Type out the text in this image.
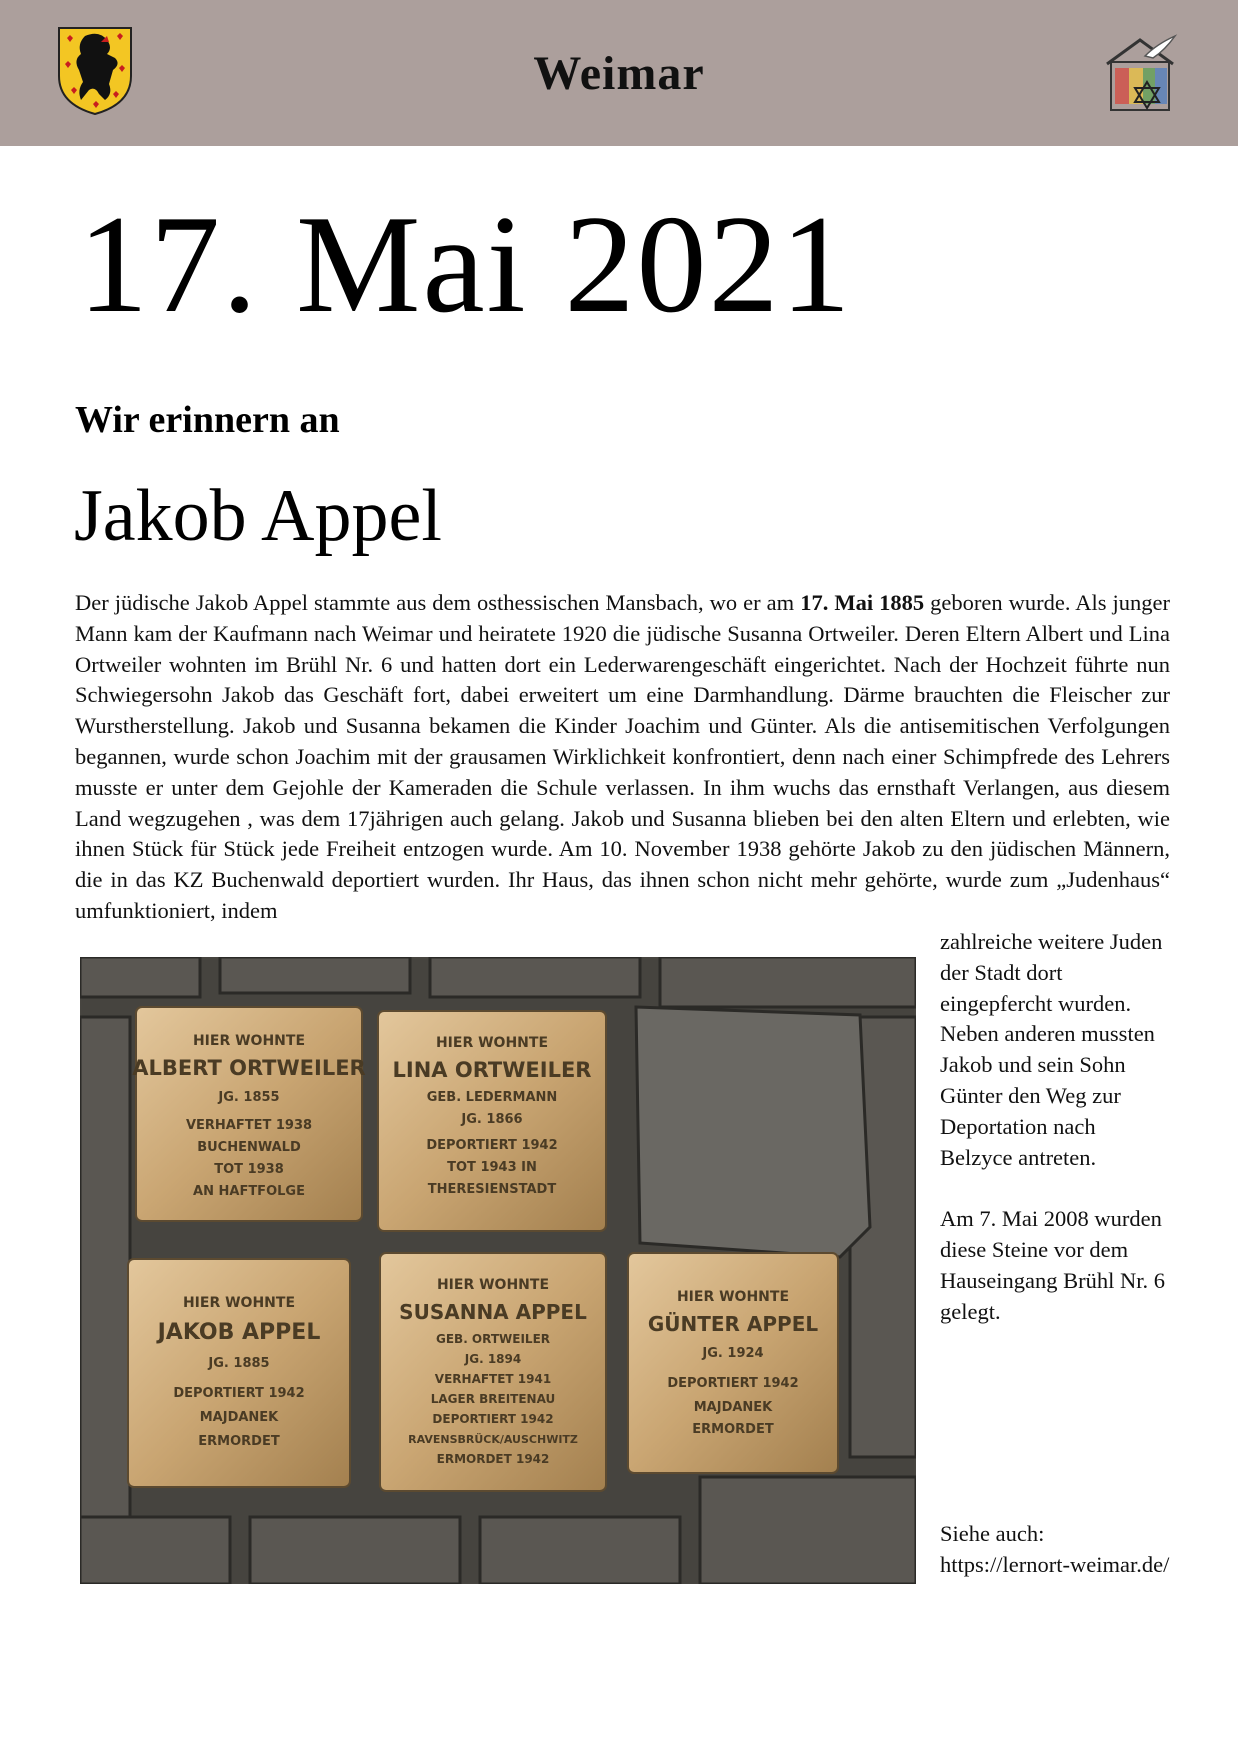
Weimar
17. Mai 2021
Wir erinnern an
Jakob Appel

Der jüdische Jakob Appel stammte aus dem osthessischen Mansbach, wo er am 17. Mai 1885 geboren wurde. Als junger Mann kam der Kaufmann nach Weimar und heiratete 1920 die jüdische Susanna Ortweiler. Deren Eltern Albert und Lina Ortweiler wohnten im Brühl Nr. 6 und hatten dort ein Lederwarengeschäft eingerichtet. Nach der Hochzeit führte nun Schwiegersohn Jakob das Geschäft fort, dabei erweitert um eine Darmhandlung. Därme brauchten die Fleischer zur Wurstherstellung. Jakob und Susanna bekamen die Kinder Joachim und Günter. Als die antisemitischen Verfolgungen begannen, wurde schon Joachim mit der grausamen Wirklichkeit konfrontiert, denn nach einer Schimpfrede des Lehrers musste er unter dem Gejohle der Kameraden die Schule verlassen. In ihm wuchs das ernsthaft Verlangen, aus diesem Land wegzugehen , was dem 17jährigen auch gelang. Jakob und Susanna blieben bei den alten Eltern und erlebten, wie ihnen Stück für Stück jede Freiheit entzogen wurde. Am 10. November 1938 gehörte Jakob zu den jüdischen Männern, die in das KZ Buchenwald deportiert wurden. Ihr Haus, das ihnen schon nicht mehr gehörte, wurde zum „Judenhaus“ umfunktioniert, indem

HIER WOHNTE
ALBERT ORTWEILER
JG. 1855
VERHAFTET 1938
BUCHENWALD
TOT 1938
AN HAFTFOLGE
HIER WOHNTE
LINA ORTWEILER
GEB. LEDERMANN
JG. 1866
DEPORTIERT 1942
TOT 1943 IN
THERESIENSTADT
HIER WOHNTE
JAKOB APPEL
JG. 1885
DEPORTIERT 1942
MAJDANEK
ERMORDET
HIER WOHNTE
SUSANNA APPEL
GEB. ORTWEILER
JG. 1894
VERHAFTET 1941
LAGER BREITENAU
DEPORTIERT 1942
RAVENSBRÜCK/AUSCHWITZ
ERMORDET 1942
HIER WOHNTE
GÜNTER APPEL
JG. 1924
DEPORTIERT 1942
MAJDANEK
ERMORDET

zahlreiche weitere Juden der Stadt dort eingepfercht wurden. Neben anderen mussten Jakob und sein Sohn Günter den Weg zur Deportation nach Belzyce antreten.

Am 7. Mai 2008 wurden diese Steine vor dem Hauseingang Brühl Nr. 6 gelegt.

Siehe auch: https://lernort-weimar.de/
